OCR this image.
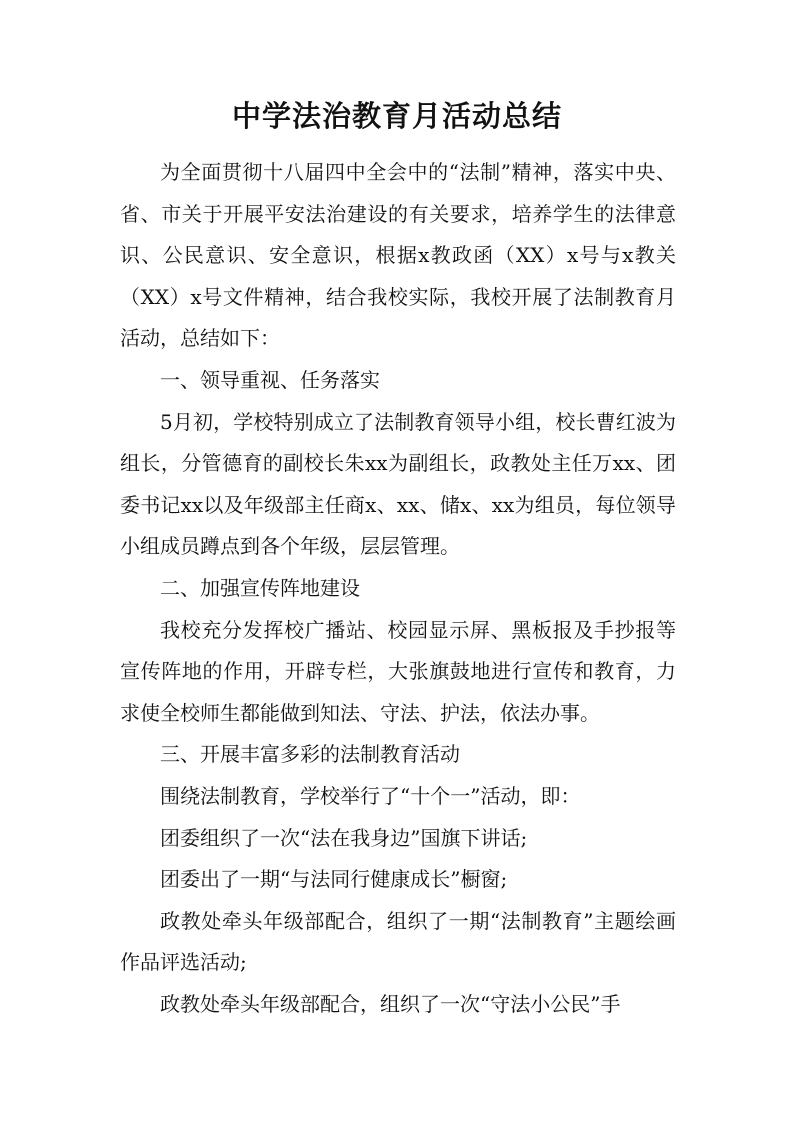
中学法治教育月活动总结

为全面贯彻十八届四中全会中的“法制”精神，落实中央、省、市关于开展平安法治建设的有关要求，培养学生的法律意识、公民意识、安全意识，根据x教政函（XX）x号与x教关（XX）x号文件精神，结合我校实际，我校开展了法制教育月活动，总结如下：

一、领导重视、任务落实

5月初，学校特别成立了法制教育领导小组，校长曹红波为组长，分管德育的副校长朱xx为副组长，政教处主任万xx、团委书记xx以及年级部主任商x、xx、储x、xx为组员，每位领导小组成员蹲点到各个年级，层层管理。

二、加强宣传阵地建设

我校充分发挥校广播站、校园显示屏、黑板报及手抄报等宣传阵地的作用，开辟专栏，大张旗鼓地进行宣传和教育，力求使全校师生都能做到知法、守法、护法，依法办事。

三、开展丰富多彩的法制教育活动

围绕法制教育，学校举行了“十个一”活动，即：

团委组织了一次“法在我身边”国旗下讲话;

团委出了一期“与法同行健康成长”橱窗;

政教处牵头年级部配合，组织了一期“法制教育”主题绘画作品评选活动;

政教处牵头年级部配合，组织了一次“守法小公民”手
